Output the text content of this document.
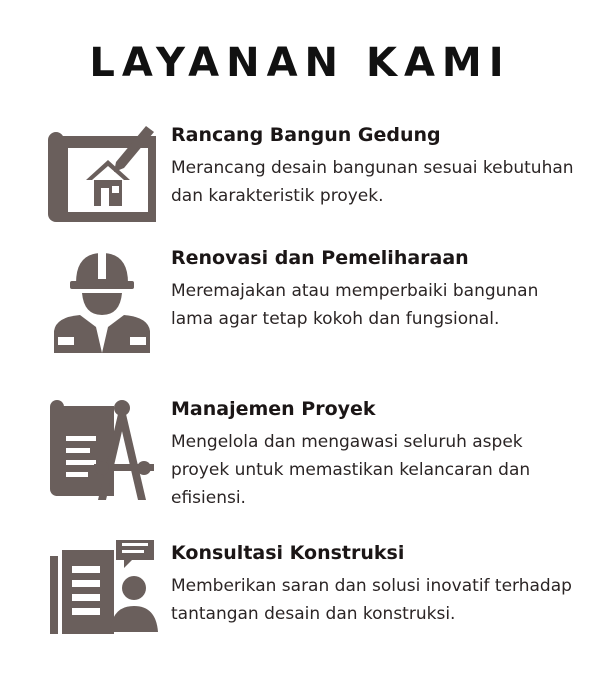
LAYANAN KAMI

Rancang Bangun Gedung

Merancang desain bangunan sesuai kebutuhan dan karakteristik proyek.

Renovasi dan Pemeliharaan

Meremajakan atau memperbaiki bangunan lama agar tetap kokoh dan fungsional.

Manajemen Proyek

Mengelola dan mengawasi seluruh aspek proyek untuk memastikan kelancaran dan efisiensi.

Konsultasi Konstruksi

Memberikan saran dan solusi inovatif terhadap tantangan desain dan konstruksi.
